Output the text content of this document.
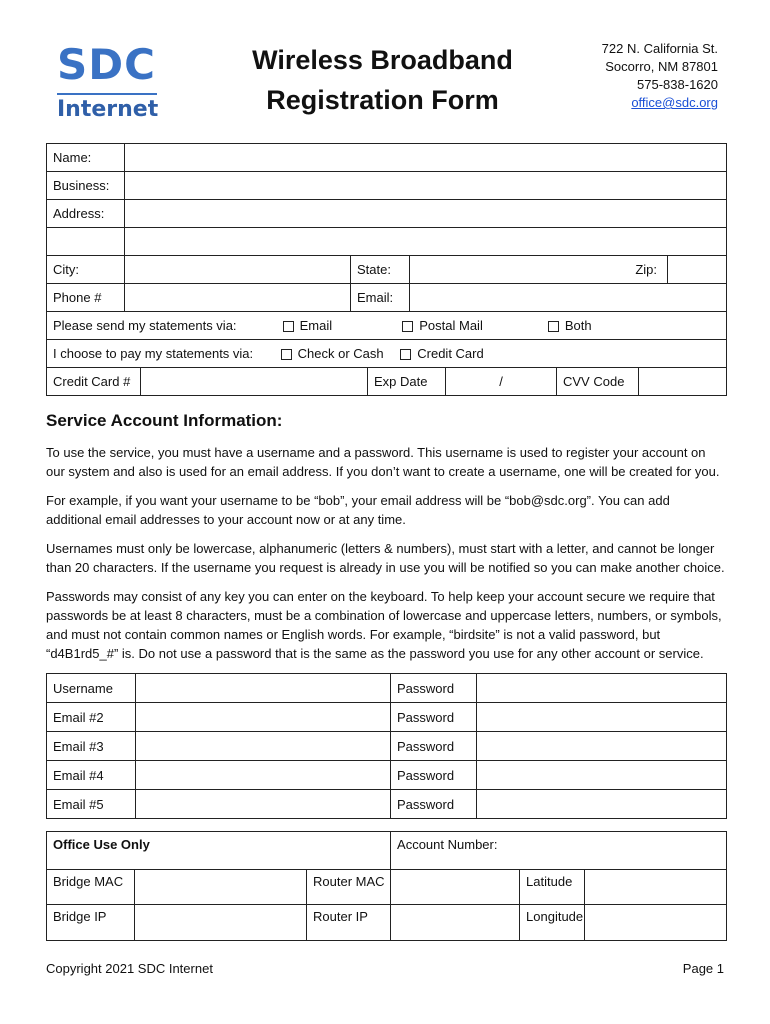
SDC
Internet
Wireless Broadband
Registration Form
722 N. California St.
Socorro, NM 87801
575-838-1620
office@sdc.org
Name:				
Business:				
Address:				

City:		State:	Zip:	
Phone #		Email:		
Please send my statements via: Email Postal Mail Both				
I choose to pay my statements via: Check or Cash Credit Card				
Credit Card #		Exp Date	/	CVV Code	
Service Account Information:
To use the service, you must have a username and a password. This username is used to register your account on our system and also is used for an email address. If you don’t want to create a username, one will be created for you.
For example, if you want your username to be “bob”, your email address will be “bob@sdc.org”. You can add additional email addresses to your account now or at any time.
Usernames must only be lowercase, alphanumeric (letters & numbers), must start with a letter, and cannot be longer than 20 characters. If the username you request is already in use you will be notified so you can make another choice.
Passwords may consist of any key you can enter on the keyboard. To help keep your account secure we require that passwords be at least 8 characters, must be a combination of lowercase and uppercase letters, numbers, or symbols, and must not contain common names or English words. For example, “birdsite” is not a valid password, but “d4B1rd5_#” is. Do not use a password that is the same as the password you use for any other account or service.
Username		Password	
Email #2		Password	
Email #3		Password	
Email #4		Password	
Email #5		Password	
Office Use Only			Account Number:		
Bridge MAC		Router MAC		Latitude	
Bridge IP		Router IP		Longitude	
Copyright 2021 SDC Internet	Page 1
